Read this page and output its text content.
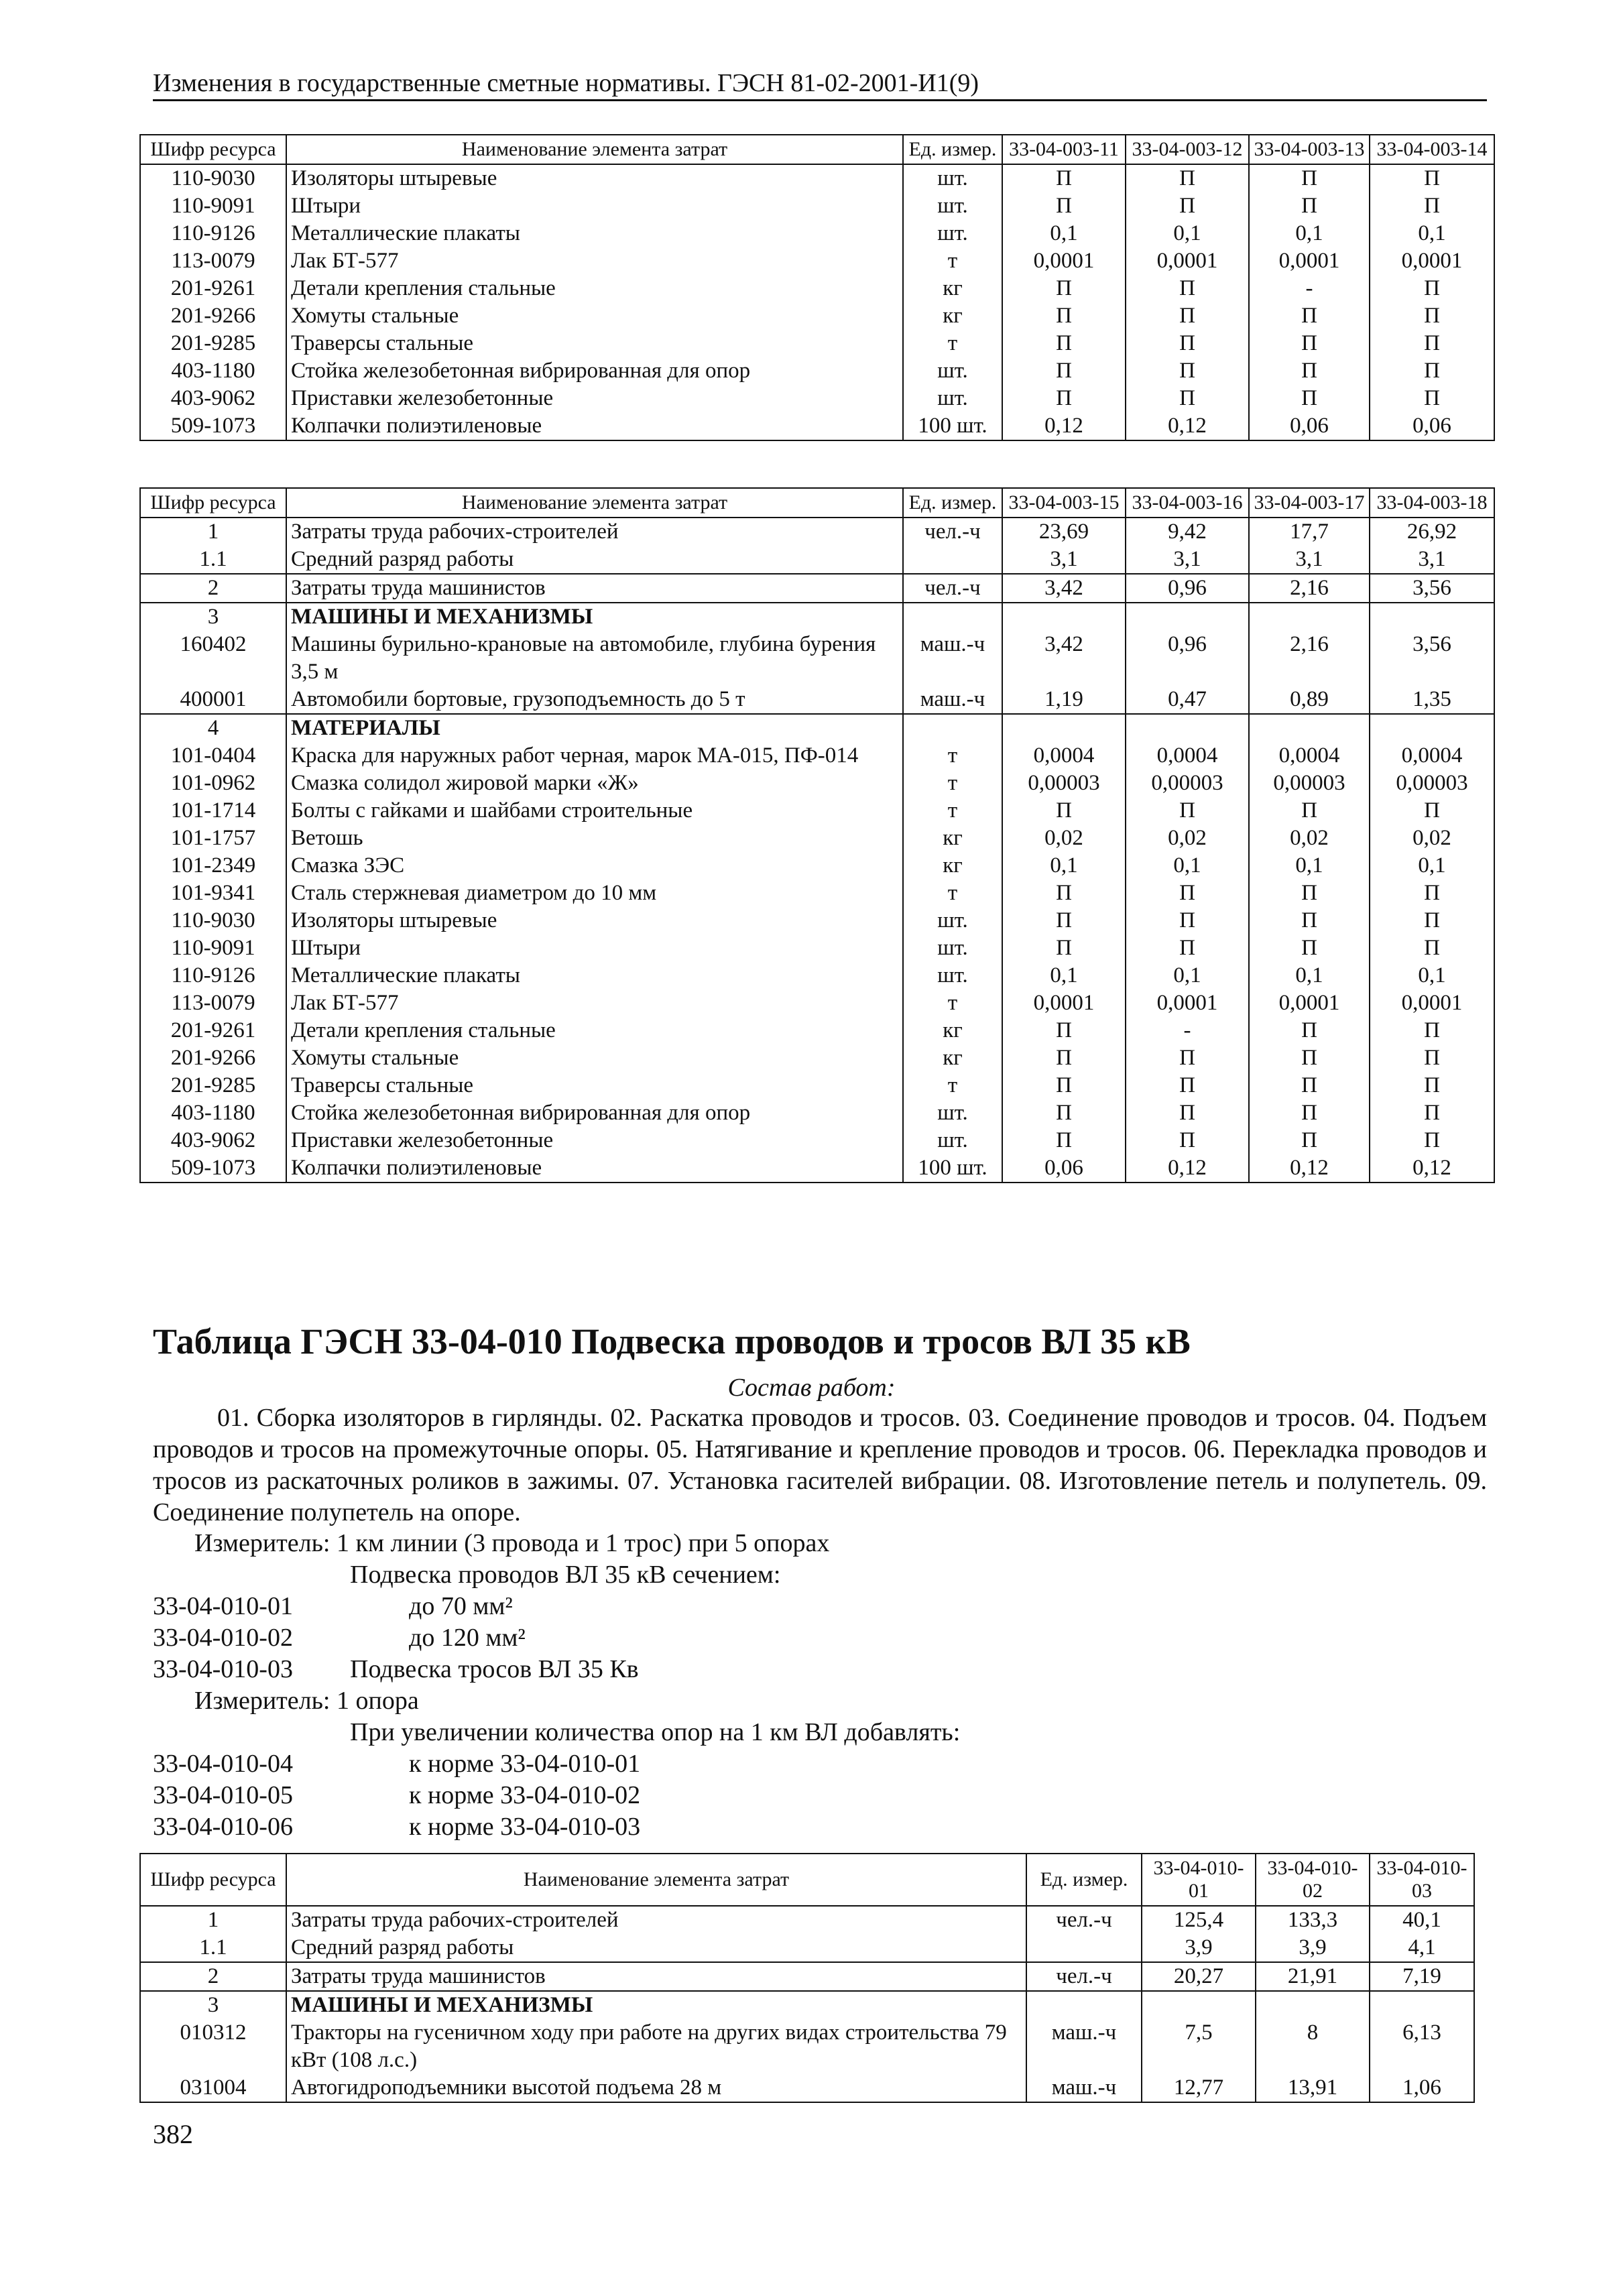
Изменения в государственные сметные нормативы. ГЭСН 81-02-2001-И1(9)
Шифр ресурса	Наименование элемента затрат	Ед. измер.	33-04-003-11	33-04-003-12	33-04-003-13	33-04-003-14
110-9030	Изоляторы штыревые	шт.	П	П	П	П
110-9091	Штыри	шт.	П	П	П	П
110-9126	Металлические плакаты	шт.	0,1	0,1	0,1	0,1
113-0079	Лак БТ-577	т	0,0001	0,0001	0,0001	0,0001
201-9261	Детали крепления стальные	кг	П	П	-	П
201-9266	Хомуты стальные	кг	П	П	П	П
201-9285	Траверсы стальные	т	П	П	П	П
403-1180	Стойка железобетонная вибрированная для опор	шт.	П	П	П	П
403-9062	Приставки железобетонные	шт.	П	П	П	П
509-1073	Колпачки полиэтиленовые	100 шт.	0,12	0,12	0,06	0,06
Шифр ресурса	Наименование элемента затрат	Ед. измер.	33-04-003-15	33-04-003-16	33-04-003-17	33-04-003-18
1	Затраты труда рабочих-строителей	чел.-ч	23,69	9,42	17,7	26,92
1.1	Средний разряд работы		3,1	3,1	3,1	3,1
2	Затраты труда машинистов	чел.-ч	3,42	0,96	2,16	3,56
3	МАШИНЫ И МЕХАНИЗМЫ					
160402	Машины бурильно-крановые на автомобиле, глубина бурения 3,5 м	маш.-ч	3,42	0,96	2,16	3,56
400001	Автомобили бортовые, грузоподъемность до 5 т	маш.-ч	1,19	0,47	0,89	1,35
4	МАТЕРИАЛЫ					
101-0404	Краска для наружных работ черная, марок МА-015, ПФ-014	т	0,0004	0,0004	0,0004	0,0004
101-0962	Смазка солидол жировой марки «Ж»	т	0,00003	0,00003	0,00003	0,00003
101-1714	Болты с гайками и шайбами строительные	т	П	П	П	П
101-1757	Ветошь	кг	0,02	0,02	0,02	0,02
101-2349	Смазка ЗЭС	кг	0,1	0,1	0,1	0,1
101-9341	Сталь стержневая диаметром до 10 мм	т	П	П	П	П
110-9030	Изоляторы штыревые	шт.	П	П	П	П
110-9091	Штыри	шт.	П	П	П	П
110-9126	Металлические плакаты	шт.	0,1	0,1	0,1	0,1
113-0079	Лак БТ-577	т	0,0001	0,0001	0,0001	0,0001
201-9261	Детали крепления стальные	кг	П	-	П	П
201-9266	Хомуты стальные	кг	П	П	П	П
201-9285	Траверсы стальные	т	П	П	П	П
403-1180	Стойка железобетонная вибрированная для опор	шт.	П	П	П	П
403-9062	Приставки железобетонные	шт.	П	П	П	П
509-1073	Колпачки полиэтиленовые	100 шт.	0,06	0,12	0,12	0,12
Таблица ГЭСН 33-04-010 Подвеска проводов и тросов ВЛ 35 кВ
Состав работ:
01. Сборка изоляторов в гирлянды. 02. Раскатка проводов и тросов. 03. Соединение проводов и тросов. 04. Подъем проводов и тросов на промежуточные опоры. 05. Натягивание и крепление проводов и тросов. 06. Перекладка проводов и тросов из раскаточных роликов в зажимы. 07. Установка гасителей вибрации. 08. Изготовление петель и полупетель. 09. Соединение полупетель на опоре.
Измеритель: 1 км линии (3 провода и 1 трос) при 5 опорах
Подвеска проводов ВЛ 35 кВ сечением:
33-04-010-01	до 70 мм²
33-04-010-02	до 120 мм²
33-04-010-03 Подвеска тросов ВЛ 35 Кв
Измеритель: 1 опора
При увеличении количества опор на 1 км ВЛ добавлять:
33-04-010-04	к норме 33-04-010-01
33-04-010-05	к норме 33-04-010-02
33-04-010-06	к норме 33-04-010-03
Шифр ресурса	Наименование элемента затрат	Ед. измер.	33-04-010-01	33-04-010-02	33-04-010-03
1	Затраты труда рабочих-строителей	чел.-ч	125,4	133,3	40,1
1.1	Средний разряд работы		3,9	3,9	4,1
2	Затраты труда машинистов	чел.-ч	20,27	21,91	7,19
3	МАШИНЫ И МЕХАНИЗМЫ				
010312	Тракторы на гусеничном ходу при работе на других видах строительства 79 кВт (108 л.с.)	маш.-ч	7,5	8	6,13
031004	Автогидроподъемники высотой подъема 28 м	маш.-ч	12,77	13,91	1,06
382
